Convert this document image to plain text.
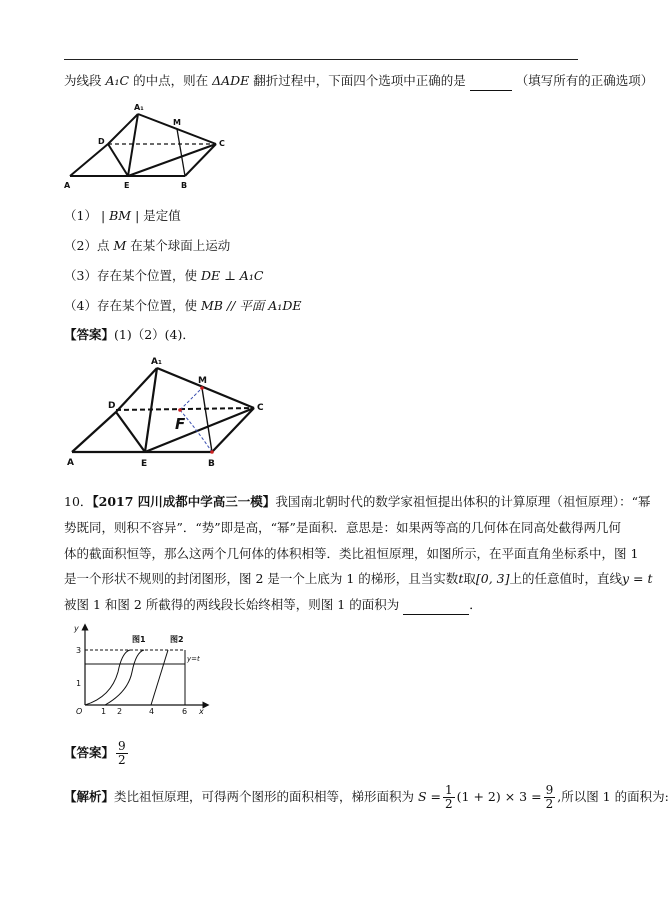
为线段 A₁C 的中点，则在 ΔADE 翻折过程中，下面四个选项中正确的是	（填写所有的正确选项）
A₁
M
D	C
A	E	B
（1） | BM | 是定值
（2）点 M 在某个球面上运动
（3）存在某个位置，使 DE ⊥ A₁C
（4）存在某个位置，使 MB // 平面 A₁DE
【答案】(1)（2）(4)．
A₁
M
D	C
A	E	B
F
10．【2017 四川成都中学高三一模】我国南北朝时代的数学家祖恒提出体积的计算原理（祖恒原理）：“幂
势既同，则积不容异”．“势”即是高，“幂”是面积．意思是：如果两等高的几何体在同高处截得两几何
体的截面积恒等，那么这两个几何体的体积相等．类比祖恒原理，如图所示，在平面直角坐标系中，图 1
是一个形状不规则的封闭图形，图 2 是一个上底为 1 的梯形，且当实数t取[0, 3]上的任意值时，直线y = t
被图 1 和图 2 所截得的两线段长始终相等，则图 1 的面积为	．
y
x
O
1
3
1 2	4	6
图1	图2
y=t
【答案】 $\frac{9}{2}$
【解析】类比祖恒原理，可得两个图形的面积相等，梯形面积为 $S = \frac{1}{2} (1 + 2) \times 3 = \frac{9}{2}$ ,所以图 1 的面积为:
